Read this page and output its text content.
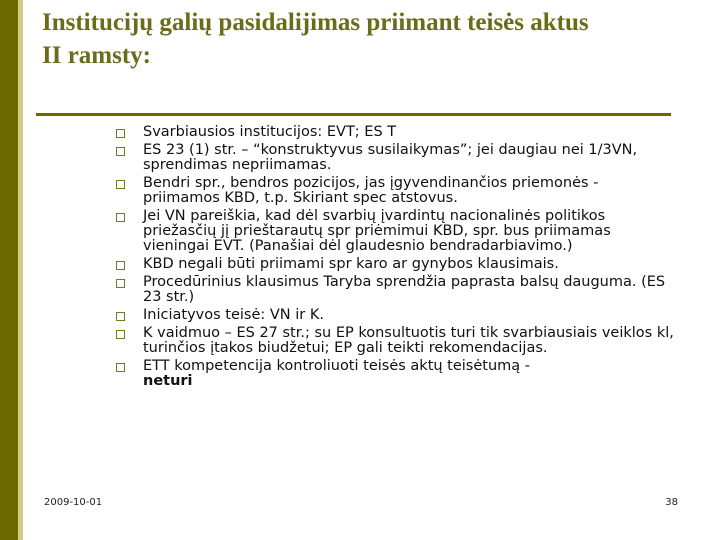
Institucijų galių pasidalijimas priimant teisės aktus
II ramsty:
Svarbiausios institucijos: EVT; ES T
ES 23 (1) str. – “konstruktyvus susilaikymas”; jei daugiau nei 1/3VN, sprendimas nepriimamas.
Bendri spr., bendros pozicijos, jas įgyvendinančios priemonės - priimamos KBD, t.p. Skiriant spec atstovus.
Jei VN pareiškia, kad dėl svarbių įvardintų nacionalinės politikos priežasčių jį prieštarautų spr priėmimui KBD, spr. bus priimamas vieningai EVT. (Panašiai dėl glaudesnio bendradarbiavimo.)
KBD negali būti priimami spr karo ar gynybos klausimais.
Procedūrinius klausimus Taryba sprendžia paprasta balsų dauguma. (ES 23 str.)
Iniciatyvos teisė: VN ir K.
K vaidmuo – ES 27 str.; su EP konsultuotis turi tik svarbiausiais veiklos kl, turinčios įtakos biudžetui; EP gali teikti rekomendacijas.
ETT kompetencija kontroliuoti teisės aktų teisėtumą -
neturi
2009-10-01	38
